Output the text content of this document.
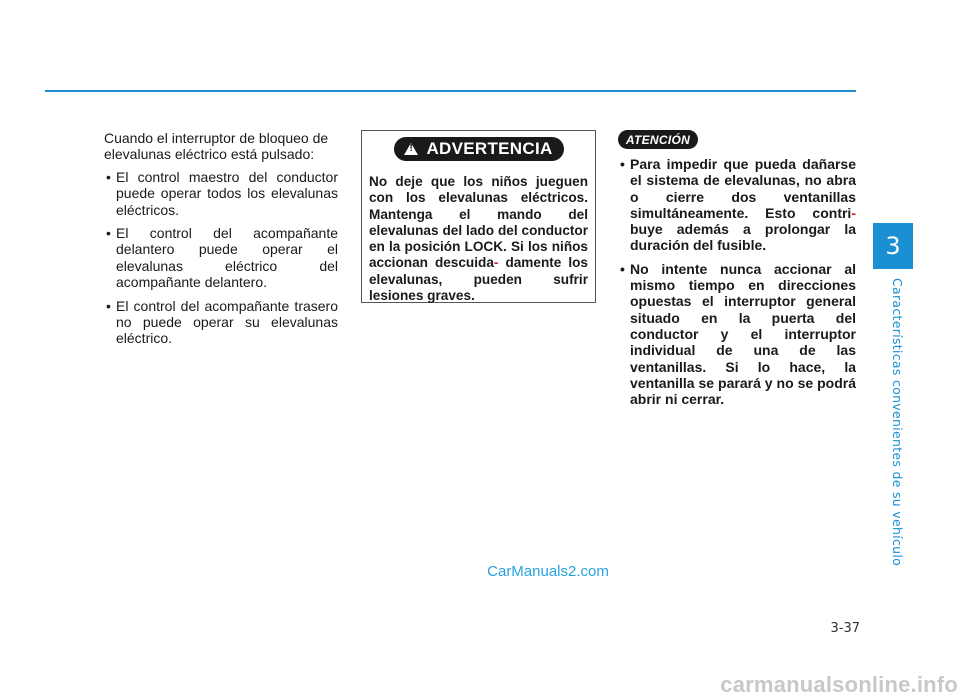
3
Características convenientes de su vehículo

Cuando el interruptor de bloqueo de elevalunas eléctrico está pulsado:

• El control maestro del conductor puede operar todos los elevalunas eléctricos.
• El control del acompañante delantero puede operar el elevalunas eléctrico del acompañante delantero.
• El control del acompañante trasero no puede operar su elevalunas eléctrico.
!
ADVERTENCIA
No deje que los niños jueguen con los elevalunas eléctricos. Mantenga el mando del elevalunas del lado del conductor en la posición LOCK. Si los niños accionan descuida- damente los elevalunas, pueden sufrir lesiones graves.
ATENCIÓN
• Para impedir que pueda dañarse el sistema de elevalunas, no abra o cierre dos ventanillas simultáneamente. Esto contri- buye además a prolongar la duración del fusible.
• No intente nunca accionar al mismo tiempo en direcciones opuestas el interruptor general situado en la puerta del conductor y el interruptor individual de una de las ventanillas. Si lo hace, la ventanilla se parará y no se podrá abrir ni cerrar.
3-37
CarManuals2.com
carmanualsonline.info
